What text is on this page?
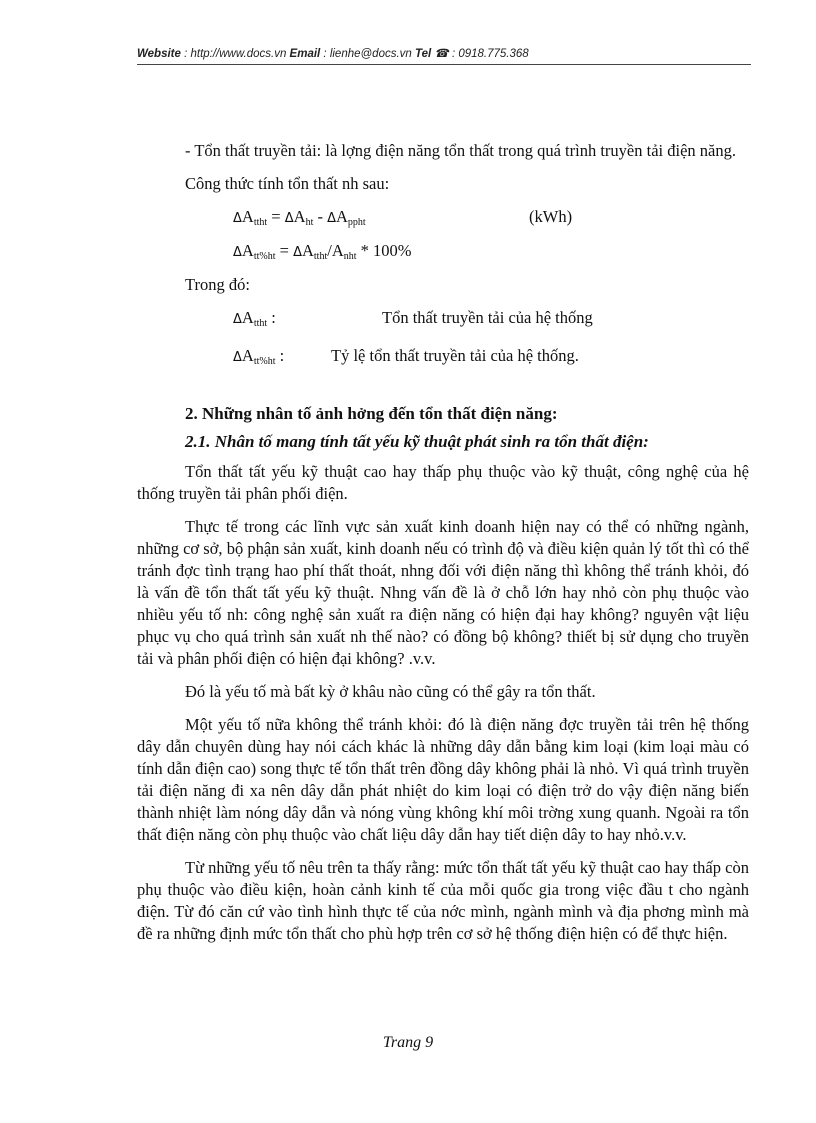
Website : http://www.docs.vn Email : lienhe@docs.vn Tel ☎ : 0918.775.368

- Tổn thất truyền tải: là lợng điện năng tổn thất trong quá trình truyền tải điện năng.

Công thức tính tổn thất nh sau:

$\Delta A_{ttht} = \Delta A_{ht} - \Delta A_{ppht}$	(kWh)
$\Delta A_{tt\%ht} = \Delta A_{ttht}/A_{nht} * 100\%$

Trong đó:

$\Delta A_{ttht}$ :	Tổn thất truyền tải của hệ thống
$\Delta A_{tt\%ht}$ :	Tỷ lệ tổn thất truyền tải của hệ thống.
2. Những nhân tố ảnh hởng đến tổn thất điện năng:
2.1. Nhân tố mang tính tất yếu kỹ thuật phát sinh ra tổn thất điện:

Tổn thất tất yếu kỹ thuật cao hay thấp phụ thuộc vào kỹ thuật, công nghệ của hệ thống truyền tải phân phối điện.

Thực tế trong các lĩnh vực sản xuất kinh doanh hiện nay có thể có những ngành, những cơ sở, bộ phận sản xuất, kinh doanh nếu có trình độ và điều kiện quản lý tốt thì có thể tránh đợc tình trạng hao phí thất thoát, nhng đối với điện năng thì không thể tránh khỏi, đó là vấn đề tổn thất tất yếu kỹ thuật. Nhng vấn đề là ở chỗ lớn hay nhỏ còn phụ thuộc vào nhiều yếu tố nh: công nghệ sản xuất ra điện năng có hiện đại hay không? nguyên vật liệu phục vụ cho quá trình sản xuất nh thế nào? có đồng bộ không? thiết bị sử dụng cho truyền tải và phân phối điện có hiện đại không? .v.v.

Đó là yếu tố mà bất kỳ ở khâu nào cũng có thể gây ra tổn thất.

Một yếu tố nữa không thể tránh khỏi: đó là điện năng đợc truyền tải trên hệ thống dây dẫn chuyên dùng hay nói cách khác là những dây dẫn bằng kim loại (kim loại màu có tính dẫn điện cao) song thực tế tổn thất trên đồng dây không phải là nhỏ. Vì quá trình truyền tải điện năng đi xa nên dây dẫn phát nhiệt do kim loại có điện trở do vậy điện năng biến thành nhiệt làm nóng dây dẫn và nóng vùng không khí môi trờng xung quanh. Ngoài ra tổn thất điện năng còn phụ thuộc vào chất liệu dây dẫn hay tiết diện dây to hay nhỏ.v.v.

Từ những yếu tố nêu trên ta thấy rằng: mức tổn thất tất yếu kỹ thuật cao hay thấp còn phụ thuộc vào điều kiện, hoàn cảnh kinh tế của mỗi quốc gia trong việc đầu t cho ngành điện. Từ đó căn cứ vào tình hình thực tế của nớc mình, ngành mình và địa phơng mình mà đề ra những định mức tổn thất cho phù hợp trên cơ sở hệ thống điện hiện có để thực hiện.

Trang 9
